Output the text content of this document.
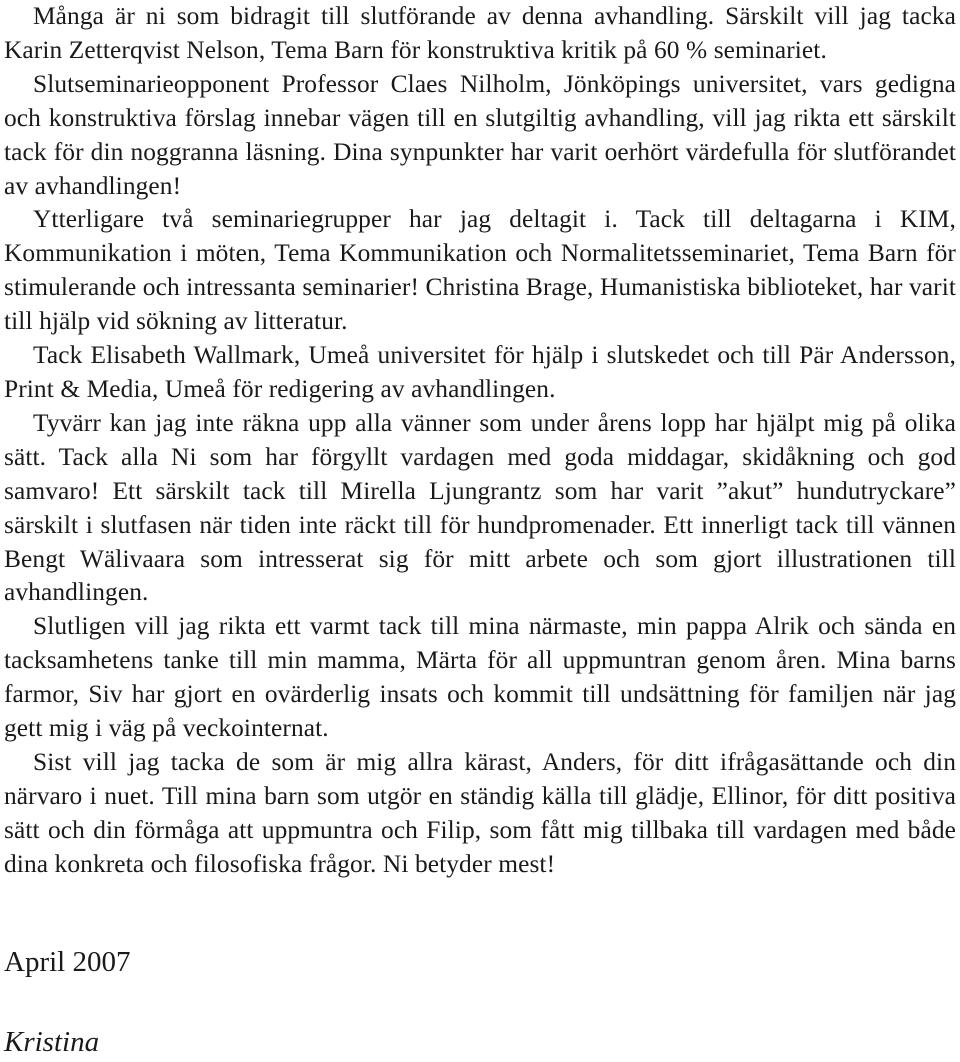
Många är ni som bidragit till slutförande av denna avhandling. Särskilt vill jag tacka Karin Zetterqvist Nelson, Tema Barn för konstruktiva kritik på 60 % seminariet.

Slutseminarieopponent Professor Claes Nilholm, Jönköpings universitet, vars gedigna och konstruktiva förslag innebar vägen till en slutgiltig avhandling, vill jag rikta ett särskilt tack för din noggranna läsning. Dina synpunkter har varit oerhört värdefulla för slutförandet av avhandlingen!

Ytterligare två seminariegrupper har jag deltagit i. Tack till deltagarna i KIM, Kommunikation i möten, Tema Kommunikation och Normalitetsseminariet, Tema Barn för stimulerande och intressanta seminarier! Christina Brage, Humanistiska biblioteket, har varit till hjälp vid sökning av litteratur.

Tack Elisabeth Wallmark, Umeå universitet för hjälp i slutskedet och till Pär Andersson, Print & Media, Umeå för redigering av avhandlingen.

Tyvärr kan jag inte räkna upp alla vänner som under årens lopp har hjälpt mig på olika sätt. Tack alla Ni som har förgyllt vardagen med goda middagar, skidåkning och god samvaro! Ett särskilt tack till Mirella Ljungrantz som har varit ”akut” hundutryckare” särskilt i slutfasen när tiden inte räckt till för hundpromenader. Ett innerligt tack till vännen Bengt Wälivaara som intresserat sig för mitt arbete och som gjort illustrationen till avhandlingen.

Slutligen vill jag rikta ett varmt tack till mina närmaste, min pappa Alrik och sända en tacksamhetens tanke till min mamma, Märta för all uppmuntran genom åren. Mina barns farmor, Siv har gjort en ovärderlig insats och kommit till undsättning för familjen när jag gett mig i väg på veckointernat.

Sist vill jag tacka de som är mig allra kärast, Anders, för ditt ifrågasättande och din närvaro i nuet. Till mina barn som utgör en ständig källa till glädje, Ellinor, för ditt positiva sätt och din förmåga att uppmuntra och Filip, som fått mig tillbaka till vardagen med både dina konkreta och filosofiska frågor. Ni betyder mest!

April 2007

Kristina
